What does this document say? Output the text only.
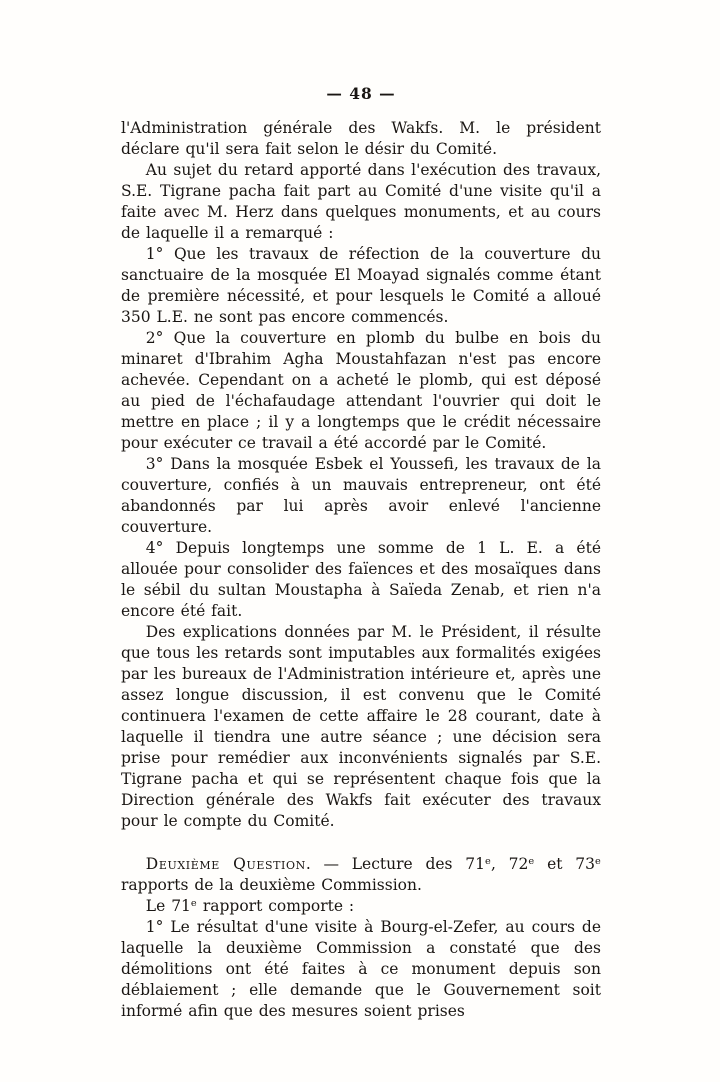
— 48 —

l'Administration générale des Wakfs. M. le président déclare qu'il sera fait selon le désir du Comité.

Au sujet du retard apporté dans l'exécution des travaux, S.E. Tigrane pacha fait part au Comité d'une visite qu'il a faite avec M. Herz dans quelques monuments, et au cours de laquelle il a remarqué :

1° Que les travaux de réfection de la couverture du sanctuaire de la mosquée El Moayad signalés comme étant de première nécessité, et pour lesquels le Comité a alloué 350 L.E. ne sont pas encore commencés.

2° Que la couverture en plomb du bulbe en bois du minaret d'Ibrahim Agha Moustahfazan n'est pas encore achevée. Cependant on a acheté le plomb, qui est déposé au pied de l'échafaudage attendant l'ouvrier qui doit le mettre en place ; il y a longtemps que le crédit nécessaire pour exécuter ce travail a été accordé par le Comité.

3° Dans la mosquée Esbek el Youssefi, les travaux de la couverture, confiés à un mauvais entrepreneur, ont été abandonnés par lui après avoir enlevé l'ancienne couverture.

4° Depuis longtemps une somme de 1 L. E. a été allouée pour consolider des faïences et des mosaïques dans le sébil du sultan Moustapha à Saïeda Zenab, et rien n'a encore été fait.

Des explications données par M. le Président, il résulte que tous les retards sont imputables aux formalités exigées par les bureaux de l'Administration intérieure et, après une assez longue discussion, il est convenu que le Comité continuera l'examen de cette affaire le 28 courant, date à laquelle il tiendra une autre séance ; une décision sera prise pour remédier aux inconvénients signalés par S.E. Tigrane pacha et qui se représentent chaque fois que la Direction générale des Wakfs fait exécuter des travaux pour le compte du Comité.

Deuxième Question. — Lecture des 71ᵉ, 72ᵉ et 73ᵉ rapports de la deuxième Commission.

Le 71ᵉ rapport comporte :

1° Le résultat d'une visite à Bourg-el-Zefer, au cours de laquelle la deuxième Commission a constaté que des démolitions ont été faites à ce monument depuis son déblaiement ; elle demande que le Gouvernement soit informé afin que des mesures soient prises
